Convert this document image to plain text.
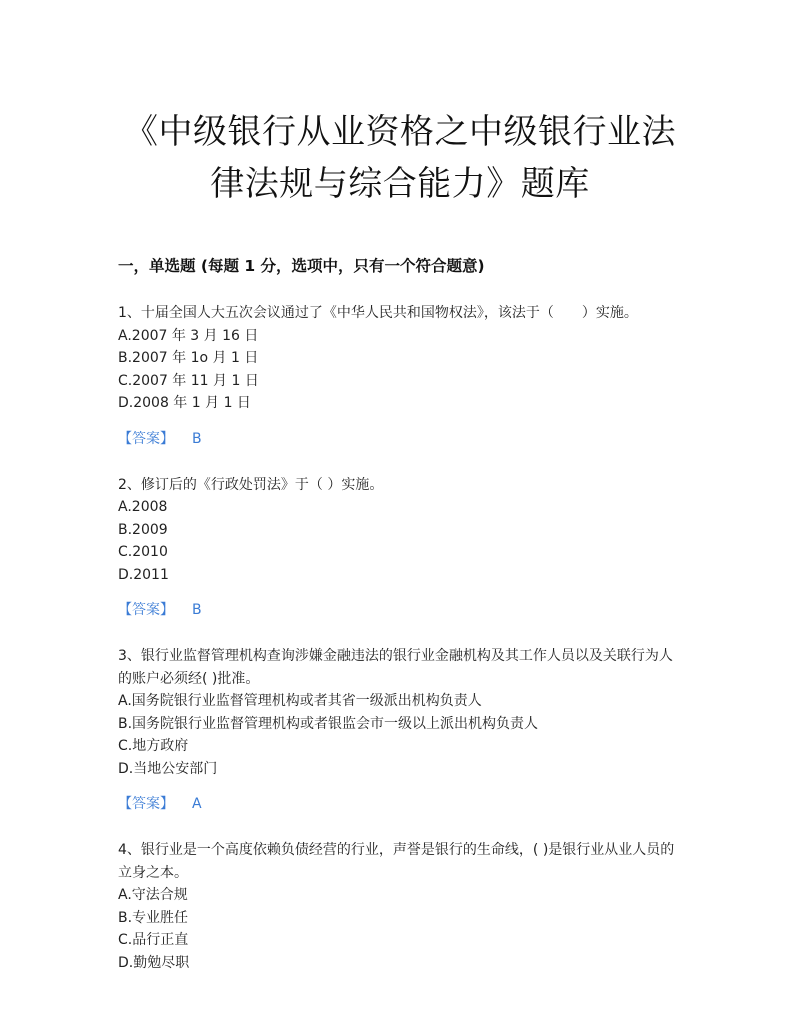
《中级银行从业资格之中级银行业法
律法规与综合能力》题库
一，单选题 (每题 1 分，选项中，只有一个符合题意)
1、十届全国人大五次会议通过了《中华人民共和国物权法》，该法于（　　）实施。
A.2007 年 3 月 16 日
B.2007 年 1o 月 1 日
C.2007 年 11 月 1 日
D.2008 年 1 月 1 日
【答案】 B
2、修订后的《行政处罚法》于（ ）实施。
A.2008
B.2009
C.2010
D.2011
【答案】 B
3、银行业监督管理机构查询涉嫌金融违法的银行业金融机构及其工作人员以及关联行为人的账户必须经( )批准。
A.国务院银行业监督管理机构或者其省一级派出机构负责人
B.国务院银行业监督管理机构或者银监会市一级以上派出机构负责人
C.地方政府
D.当地公安部门
【答案】 A
4、银行业是一个高度依赖负债经营的行业，声誉是银行的生命线，( )是银行业从业人员的立身之本。
A.守法合规
B.专业胜任
C.品行正直
D.勤勉尽职
